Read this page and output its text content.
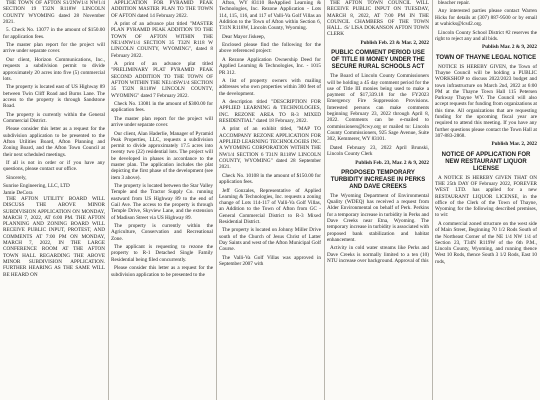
THE TOWN OF AFTON S1/2NW1/4 NW1/4 SECTION 19 T32N R118W LINCOLN COUNTY WYOMING dated 28 November 2021.

5. Check No. 13077 in the amount of $150.00 for application fees.

The master plan report for the project will arrive under separate cover.

Our client, Horizon Communications, Inc., requests a subdivision permit to divide approximately 20 acres into five (5) commercial lots.

The property is located east of US Highway 89 between Twin Cliff Road and Burns Lane. The access to the property is through Sandstone Road.

The property is currently within the General Commercial District.

Please consider this letter as a request for the subdivision application to be presented to the Afton Utilities Board, Afton Planning and Zoning Board, and the Afton Town Council at their next scheduled meetings.

If all is not in order or if you have any questions, please contact our office.

Sincerely,

Sunrise Engineering, LLC, LTD

Jamie DeCora

THE AFTON UTILITY BOARD WILL DISCUSS THE ABOVE MINOR SUBDIVISION APPLICATION ON MONDAY, MARCH 7, 2022, AT 6:00 PM. THE AFTON PLANNING AND ZONING BOARD WILL RECEIVE PUBLIC INPUT, PROTEST, AND COMMENTS AT 7:00 PM ON MONDAY, MARCH 7, 2022, IN THE LARGE CONFERENCE ROOM AT THE AFTON TOWN HALL REGARDING THE ABOVE MINOR SUBDIVISION APPLICATION. FURTHER HEARING AS THE SAME WILL BE HEARD ON

APPLICATION FOR PYRAMID PEAK ADDITION MASTER PLAN TO THE TOWN OF AFTON dated 14 February 2022.

A print of an advance plat titled "MASTER PLAN PYRAMID PEAK ADDITION TO THE TOWN OF AFTON WITHIN THE NE1/4NW1/4 SECTION 35 T32N R118 W LINCOLN COUNTY, WYOMING", dated 8 February 2022.

A print of an advance plat titled "PRELIMINARY PLAT PYRAMID PEAK SECOND ADDITION TO THE TOWN OF AFTON WITHIN THE NE1/4SW1/4 SECTION 35 T32N R118W LINCOLN COUNTY, WYOMING" dated 7 February 2022.

Check No. 13081 in the amount of $300.00 for application fees.

The master plan report for the project will arrive under separate cover.

Our client, Alan Haderlie, Manager of Pyramid Peak Properties, LLC, requests a subdivision permit to divide approximately 17.5 acres into twenty two (22) residential lots. The project will be developed in phases in accordance to the master plan. The application includes the plat depicting the first phase of the development (see item 3 above).

The property is located between the Star Valley Temple and the Tractor Supply Co. running eastward from US Highway 89 to the end of Gail Ave. The access to the property is through Temple Drive, Skyview Lane, and the extension of Madison Street via US Highway 89.

The property is currently within the Agriculture, Conservation and Recreational Zone.

The applicant is requesting to rezone the property to R-1 Detached Single Family Residential being filed concurrently.

Please consider this letter as a request for the subdivision application to be presented to the

Afton, WY 83110 ReApplied Learning & Technologies, Inc. Rezone Application - Lots 114, 115, 116, and 117 of Valli-Va Golf Villas an Addition to the Town of Afton within Section 6, T31N R118W, Lincoln County, Wyoming.

Dear Mayor Jiskeep,

Enclosed please find the following for the above referenced project:

A Rezone Application Ownership Deed for Applied Learning & Technologies, Inc. - 1015 PR 312.

A list of property owners with mailing addresses who own properties within 300 feet of the development.

A description titled "DESCRIPTION FOR APPLIED LEARNING & TECHNOLOGIES, INC. REZONE AREA TO R-3 MIXED RESIDENTIAL" dated 18 February, 2022.

A print of an exhibit titled, "MAP TO ACCOMPANY REZONE APPLICATION FOR APPLIED LEARNING TECHNOLOGIES INC. A WYOMING CORPORATION WITHIN THE NW1/4 SECTION 6 T31N R118W LINCOLN COUNTY, WYOMING" dated 28 September 2021.

Check No. 10108 in the amount of $150.00 for application fees.

Jeff Gonzales, Representative of Applied Learning & Technologies, Inc. requests a zoning change of Lots 114-117 of Valli-Va Golf Villas, an Addition to the Town of Afton from GC - General Commercial District to R-3 Mixed Residential District.

The property is located on Johnny Miller Drive south of the Church of Jesus Christ of Latter Day Saints and west of the Afton Municipal Golf Course.

The Valli-Va Golf Villas was approved in September 2007 with

THE AFTON TOWN COUNCIL WILL RECEIVE PUBLIC INPUT ON TUESDAY, MARCH 8, 2022, AT 7:00 PM IN THE COUNCIL CHAMBERS OF THE TOWN HALL. /S/ LISA DOKANSON AFTON TOWN CLERK

Publish Feb. 23 & Mar. 2, 2022
PUBLIC COMMENT PERIOD USE OF TITLE III MONEY UNDER THE SECURE RURAL SCHOOLS ACT

The Board of Lincoln County Commissioners will be holding a 45 day comment period for the use of Title III monies being used to make a payment of $17,339.18 for the FY2023 Emergency Fire Suppression Provisions. Interested persons can make comments beginning February 23, 2022 through April 8, 2022. Comments can be e-mailed to commissioners@lcwy.org or mailed to: Lincoln County Commissioners, 925 Sage Avenue, Suite 302, Kemmerer, WY 83101.

Dated February 23, 2022 April Brunski, Lincoln County Clerk

Publish Feb. 23, Mar. 2 & 9, 2022
PROPOSED TEMPORARY TURBIDITY INCREASE IN PERKS AND DAVE CREEKS

The Wyoming Department of Environmental Quality (WDEQ) has received a request from Alder Environmental on behalf of Perk. Perkins for a temporary increase in turbidity in Perks and Dave Creeks near Etna, Wyoming. The temporary increase in turbidity is associated with proposed bank stabilization and habitat enhancement.

Activity in cold water streams like Perks and Dave Creeks is normally limited to a ten (10) NTU increase over background. Approval of this

bleacher repair.

Any interested parties please contact Warren Hicks for details at (307) 887-9500 or by email at wahicks@lcsd2.org.

Lincoln County School District #2 reserves the right to reject any and all bids.

Publish Mar. 2 & 9, 2022
TOWN OF THAYNE LEGAL NOTICE

NOTICE IS HEREBY GIVEN, the Town of Thayne Council will be holding a PUBLIC WORKSHOP to discuss 2022/2023 budget and town infrastructure on March 2nd, 2022 at 6:00 PM at the Thayne Town Hall 115 Petersen Parkway Thayne WY. The Council will also accept requests for funding from organizations at this time. All organizations that are requesting funding for the upcoming fiscal year are required to attend this meeting. If you have any further questions please contact the Town Hall at 307-883-2868.

Publish Mar. 2, 2022
NOTICE OF APPLICATION FOR NEW RESTAURANT LIQUOR LICENSE

A NOTICE IS HEREBY GIVEN THAT ON THE 25th DAY OF February 2022, FOREVER WEST LTD. has applied for a new RESTAURANT LIQUOR LICENSE, in the office of the Clerk of the Town of Thayne, Wyoming for the following described premises, to wit:

A commercial zoned structure on the west side of Main Street, Beginning 70 1/2 Rods South of the Northeast Corner of the NE 1/4 NW 1/4 of Section 23, T34N R119W of the 6th P.M., Lincoln County, Wyoming, and running thence West 10 Rods, thence South 3 1/2 Rods, East 10 rods,
